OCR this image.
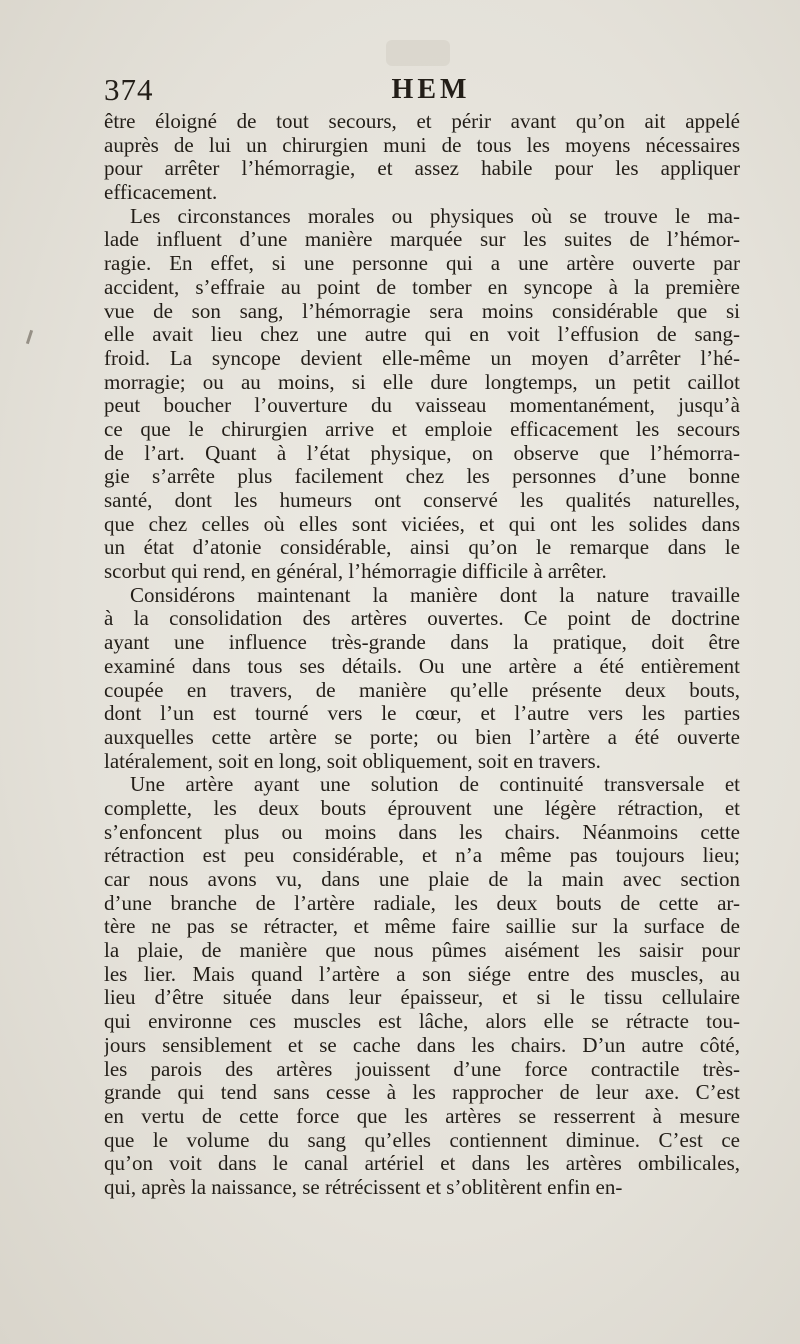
374	HEM
être éloigné de tout secours, et périr avant qu’on ait appelé
auprès de lui un chirurgien muni de tous les moyens nécessaires
pour arrêter l’hémorragie, et assez habile pour les appliquer
efficacement.
Les circonstances morales ou physiques où se trouve le ma-
lade influent d’une manière marquée sur les suites de l’hémor-
ragie. En effet, si une personne qui a une artère ouverte par
accident, s’effraie au point de tomber en syncope à la première
vue de son sang, l’hémorragie sera moins considérable que si
elle avait lieu chez une autre qui en voit l’effusion de sang-
froid. La syncope devient elle-même un moyen d’arrêter l’hé-
morragie; ou au moins, si elle dure longtemps, un petit caillot
peut boucher l’ouverture du vaisseau momentanément, jusqu’à
ce que le chirurgien arrive et emploie efficacement les secours
de l’art. Quant à l’état physique, on observe que l’hémorra-
gie s’arrête plus facilement chez les personnes d’une bonne
santé, dont les humeurs ont conservé les qualités naturelles,
que chez celles où elles sont viciées, et qui ont les solides dans
un état d’atonie considérable, ainsi qu’on le remarque dans le
scorbut qui rend, en général, l’hémorragie difficile à arrêter.
Considérons maintenant la manière dont la nature travaille
à la consolidation des artères ouvertes. Ce point de doctrine
ayant une influence très-grande dans la pratique, doit être
examiné dans tous ses détails. Ou une artère a été entièrement
coupée en travers, de manière qu’elle présente deux bouts,
dont l’un est tourné vers le cœur, et l’autre vers les parties
auxquelles cette artère se porte; ou bien l’artère a été ouverte
latéralement, soit en long, soit obliquement, soit en travers.
Une artère ayant une solution de continuité transversale et
complette, les deux bouts éprouvent une légère rétraction, et
s’enfoncent plus ou moins dans les chairs. Néanmoins cette
rétraction est peu considérable, et n’a même pas toujours lieu;
car nous avons vu, dans une plaie de la main avec section
d’une branche de l’artère radiale, les deux bouts de cette ar-
tère ne pas se rétracter, et même faire saillie sur la surface de
la plaie, de manière que nous pûmes aisément les saisir pour
les lier. Mais quand l’artère a son siége entre des muscles, au
lieu d’être située dans leur épaisseur, et si le tissu cellulaire
qui environne ces muscles est lâche, alors elle se rétracte tou-
jours sensiblement et se cache dans les chairs. D’un autre côté,
les parois des artères jouissent d’une force contractile très-
grande qui tend sans cesse à les rapprocher de leur axe. C’est
en vertu de cette force que les artères se resserrent à mesure
que le volume du sang qu’elles contiennent diminue. C’est ce
qu’on voit dans le canal artériel et dans les artères ombilicales,
qui, après la naissance, se rétrécissent et s’oblitèrent enfin en-
